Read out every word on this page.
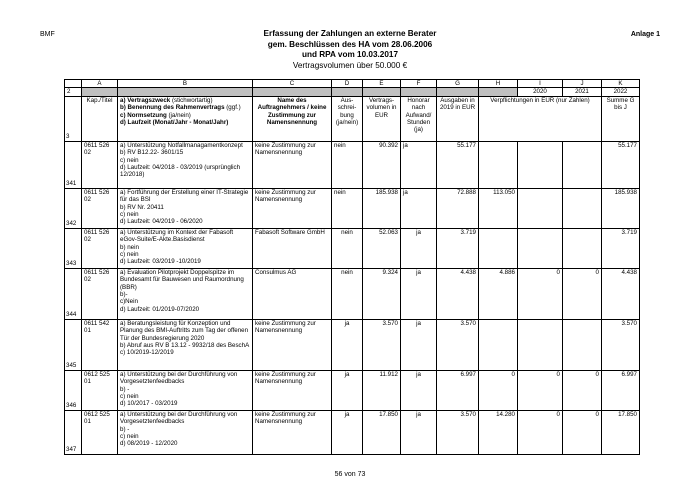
BMF	Anlage 1
Erfassung der Zahlungen an externe Berater
gem. Beschlüssen des HA vom 28.06.2006
und RPA vom 10.03.2017
Vertragsvolumen über 50.000 €
	A	B	C	D	E	F	G	H	I	J	K
2									2020	2021	2022
3	Kap./Titel	a) Vertragszweck (stichwortartig)
b) Benennung des Rahmenvertrags (ggf.)
c) Normsetzung (ja/nein)
d) Laufzeit (Monat/Jahr - Monat/Jahr)	Name des Auftragnehmers / keine Zustimmung zur Namensnennung	Aus-schrei-bung (ja/nein)	Vertrags-volumen in EUR	Honorar nach Aufwand/ Stunden (ja)	Ausgaben in 2019 in EUR	Verpflichtungen in EUR (nur Zahlen)			Summe G bis J
341	0611 526 02	a) Unterstützung Notfallmanagamentkonzept
b) RV B12.22- 3601/15
c) nein
d) Laufzeit: 04/2018 - 03/2019 (ursprünglich 12/2018)	keine Zustimmung zur Namensnennung	nein	90.392	ja	55.177				55.177
342	0611 526 02	a) Fortführung der Erstellung einer IT-Strategie für das BSI
b) RV Nr. 20411
c) nein
d) Laufzeit: 04/2019 - 06/2020	keine Zustimmung zur Namensnennung	nein	185.938	ja	72.888	113.050			185.938
343	0611 526 02	a) Unterstützung im Kontext der Fabasoft eGov-Suite/E-Akte.Basisdienst
b) nein
c) nein
d) Laufzeit: 03/2019 -10/2019	Fabasoft Software GmbH	nein	52.063	ja	3.719				3.719
344	0611 526 02	a) Evaluation Pilotprojekt Doppelspitze im Bundesamt für Bauwesen und Raumordnung (BBR)
b)-
c)Nein
d) Laufzeit: 01/2019-07/2020	Consulmus AG	nein	9.324	ja	4.438	4.886	0	0	4.438
345	0611 542 01	a) Beratungsleistung für Konzeption und Planung des BMI-Auftritts zum Tag der offenen Tür der Bundesregierung 2020
b) Abruf aus RV B 13.12 - 9932/18 des BeschA
c) 10/2019-12/2019	keine Zustimmung zur Namensnennung	ja	3.570	ja	3.570				3.570
346	0612 525 01	a) Unterstützung bei der Durchführung von Vorgesetztenfeedbacks
b) -
c) nein
d) 10/2017 - 03/2019	keine Zustimmung zur Namensnennung	ja	11.912	ja	6.997	0	0	0	6.997
347	0612 525 01	a) Unterstützung bei der Durchführung von Vorgesetztenfeedbacks
b) -
c) nein
d) 08/2019 - 12/2020	keine Zustimmung zur Namensnennung	ja	17.850	ja	3.570	14.280	0	0	17.850
56 von 73
